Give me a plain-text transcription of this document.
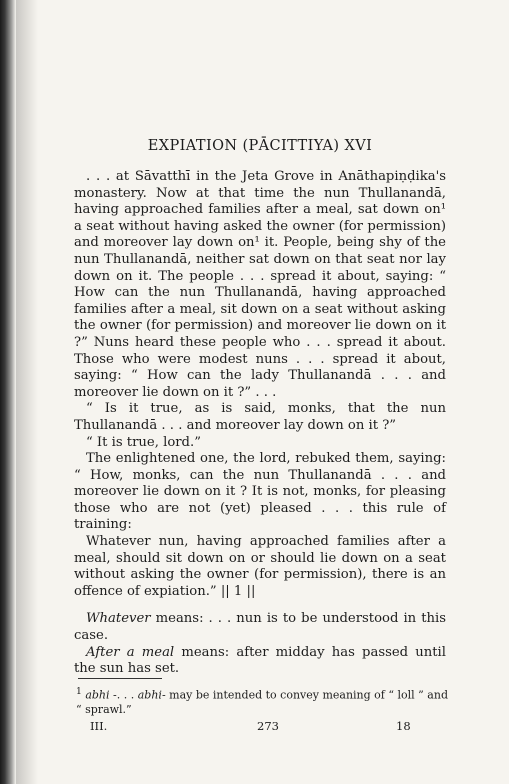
EXPIATION (PĀCITTIYA) XVI

. . . at Sāvatthī in the Jeta Grove in Anāthapiṇḍika's monastery. Now at that time the nun Thullanandā, having approached families after a meal, sat down on¹ a seat without having asked the owner (for permission) and moreover lay down on¹ it. People, being shy of the nun Thullanandā, neither sat down on that seat nor lay down on it. The people . . . spread it about, saying: “ How can the nun Thullanandā, having approached families after a meal, sit down on a seat without asking the owner (for permission) and moreover lie down on it ?” Nuns heard these people who . . . spread it about. Those who were modest nuns . . . spread it about, saying: “ How can the lady Thullanandā . . . and moreover lie down on it ?” . . .

“ Is it true, as is said, monks, that the nun Thullanandā . . . and moreover lay down on it ?”

“ It is true, lord.”

The enlightened one, the lord, rebuked them, saying: “ How, monks, can the nun Thullanandā . . . and moreover lie down on it ? It is not, monks, for pleasing those who are not (yet) pleased . . . this rule of training:

Whatever nun, having approached families after a meal, should sit down on or should lie down on a seat without asking the owner (for permission), there is an offence of expiation.” || 1 ||

Whatever means: . . . nun is to be understood in this case.

After a meal means: after midday has passed until the sun has set.

$^1$ abhi -. . . abhi- may be intended to convey meaning of “ loll ” and “ sprawl.”
III.	273	18
